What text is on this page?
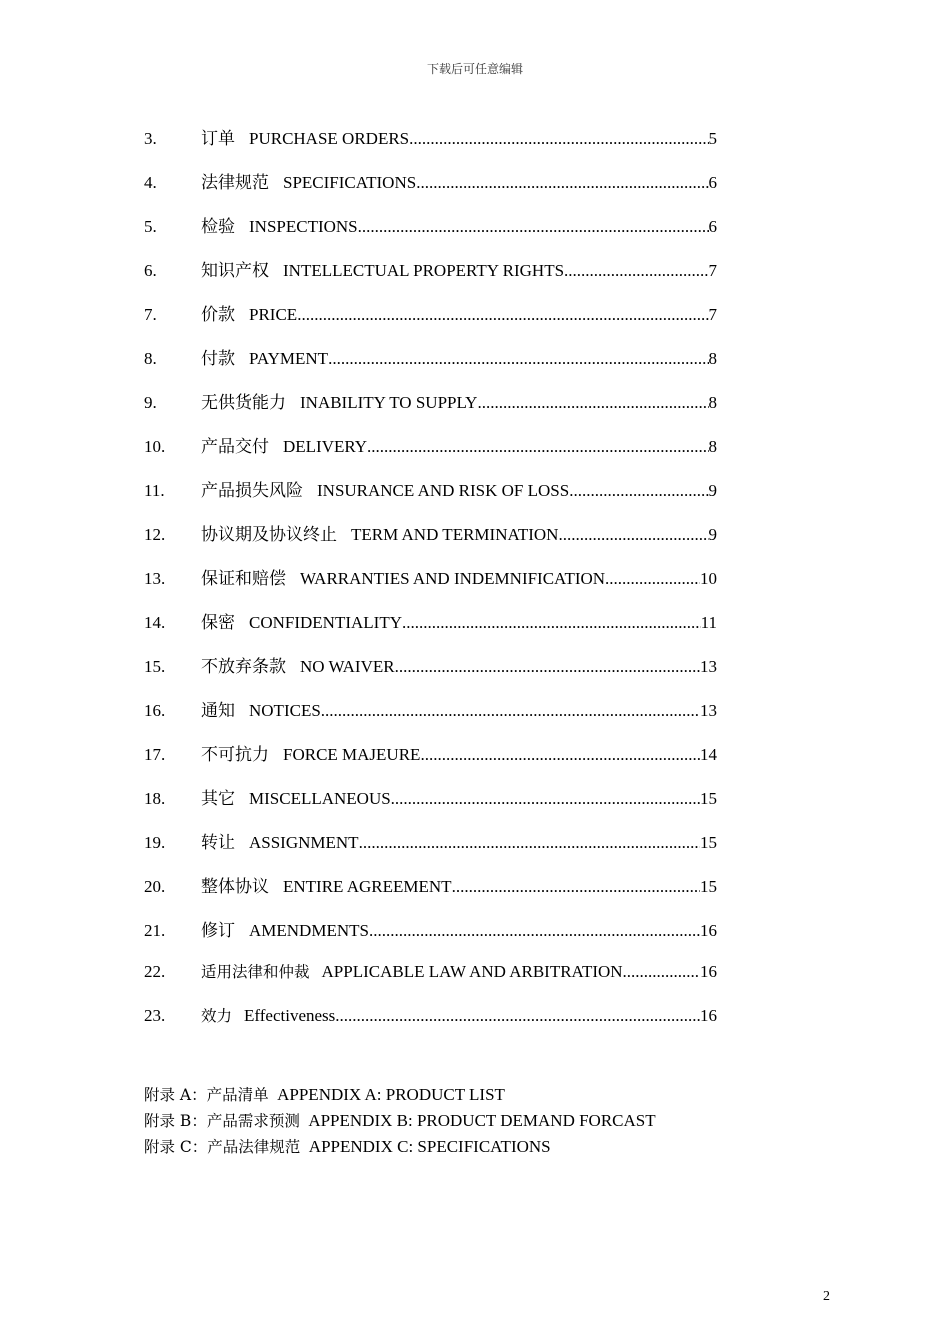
下载后可任意编辑
3.	订单 PURCHASE ORDERS .....	5
4.	法律规范 SPECIFICATIONS .....	6
5.	检验 INSPECTIONS .....	6
6.	知识产权 INTELLECTUAL PROPERTY RIGHTS .....	7
7.	价款 PRICE .....	7
8.	付款 PAYMENT .....	8
9.	无供货能力 INABILITY TO SUPPLY .....	8
10.	产品交付 DELIVERY .....	8
11.	产品损失风险 INSURANCE AND RISK OF LOSS .....	9
12.	协议期及协议终止 TERM AND TERMINATION .....	9
13.	保证和赔偿 WARRANTIES AND INDEMNIFICATION .....	10
14.	保密 CONFIDENTIALITY .....	11
15.	不放弃条款 NO WAIVER .....	13
16.	通知 NOTICES .....	13
17.	不可抗力 FORCE MAJEURE .....	14
18.	其它 MISCELLANEOUS .....	15
19.	转让 ASSIGNMENT .....	15
20.	整体协议 ENTIRE AGREEMENT .....	15
21.	修订 AMENDMENTS .....	16
22.	适用法律和仲裁 APPLICABLE LAW AND ARBITRATION .....	16
23.	效力 Effectiveness .....	16
附录 A：产品清单 APPENDIX A: PRODUCT LIST
附录 B：产品需求预测 APPENDIX B: PRODUCT DEMAND FORCAST
附录 C：产品法律规范 APPENDIX C: SPECIFICATIONS
2
